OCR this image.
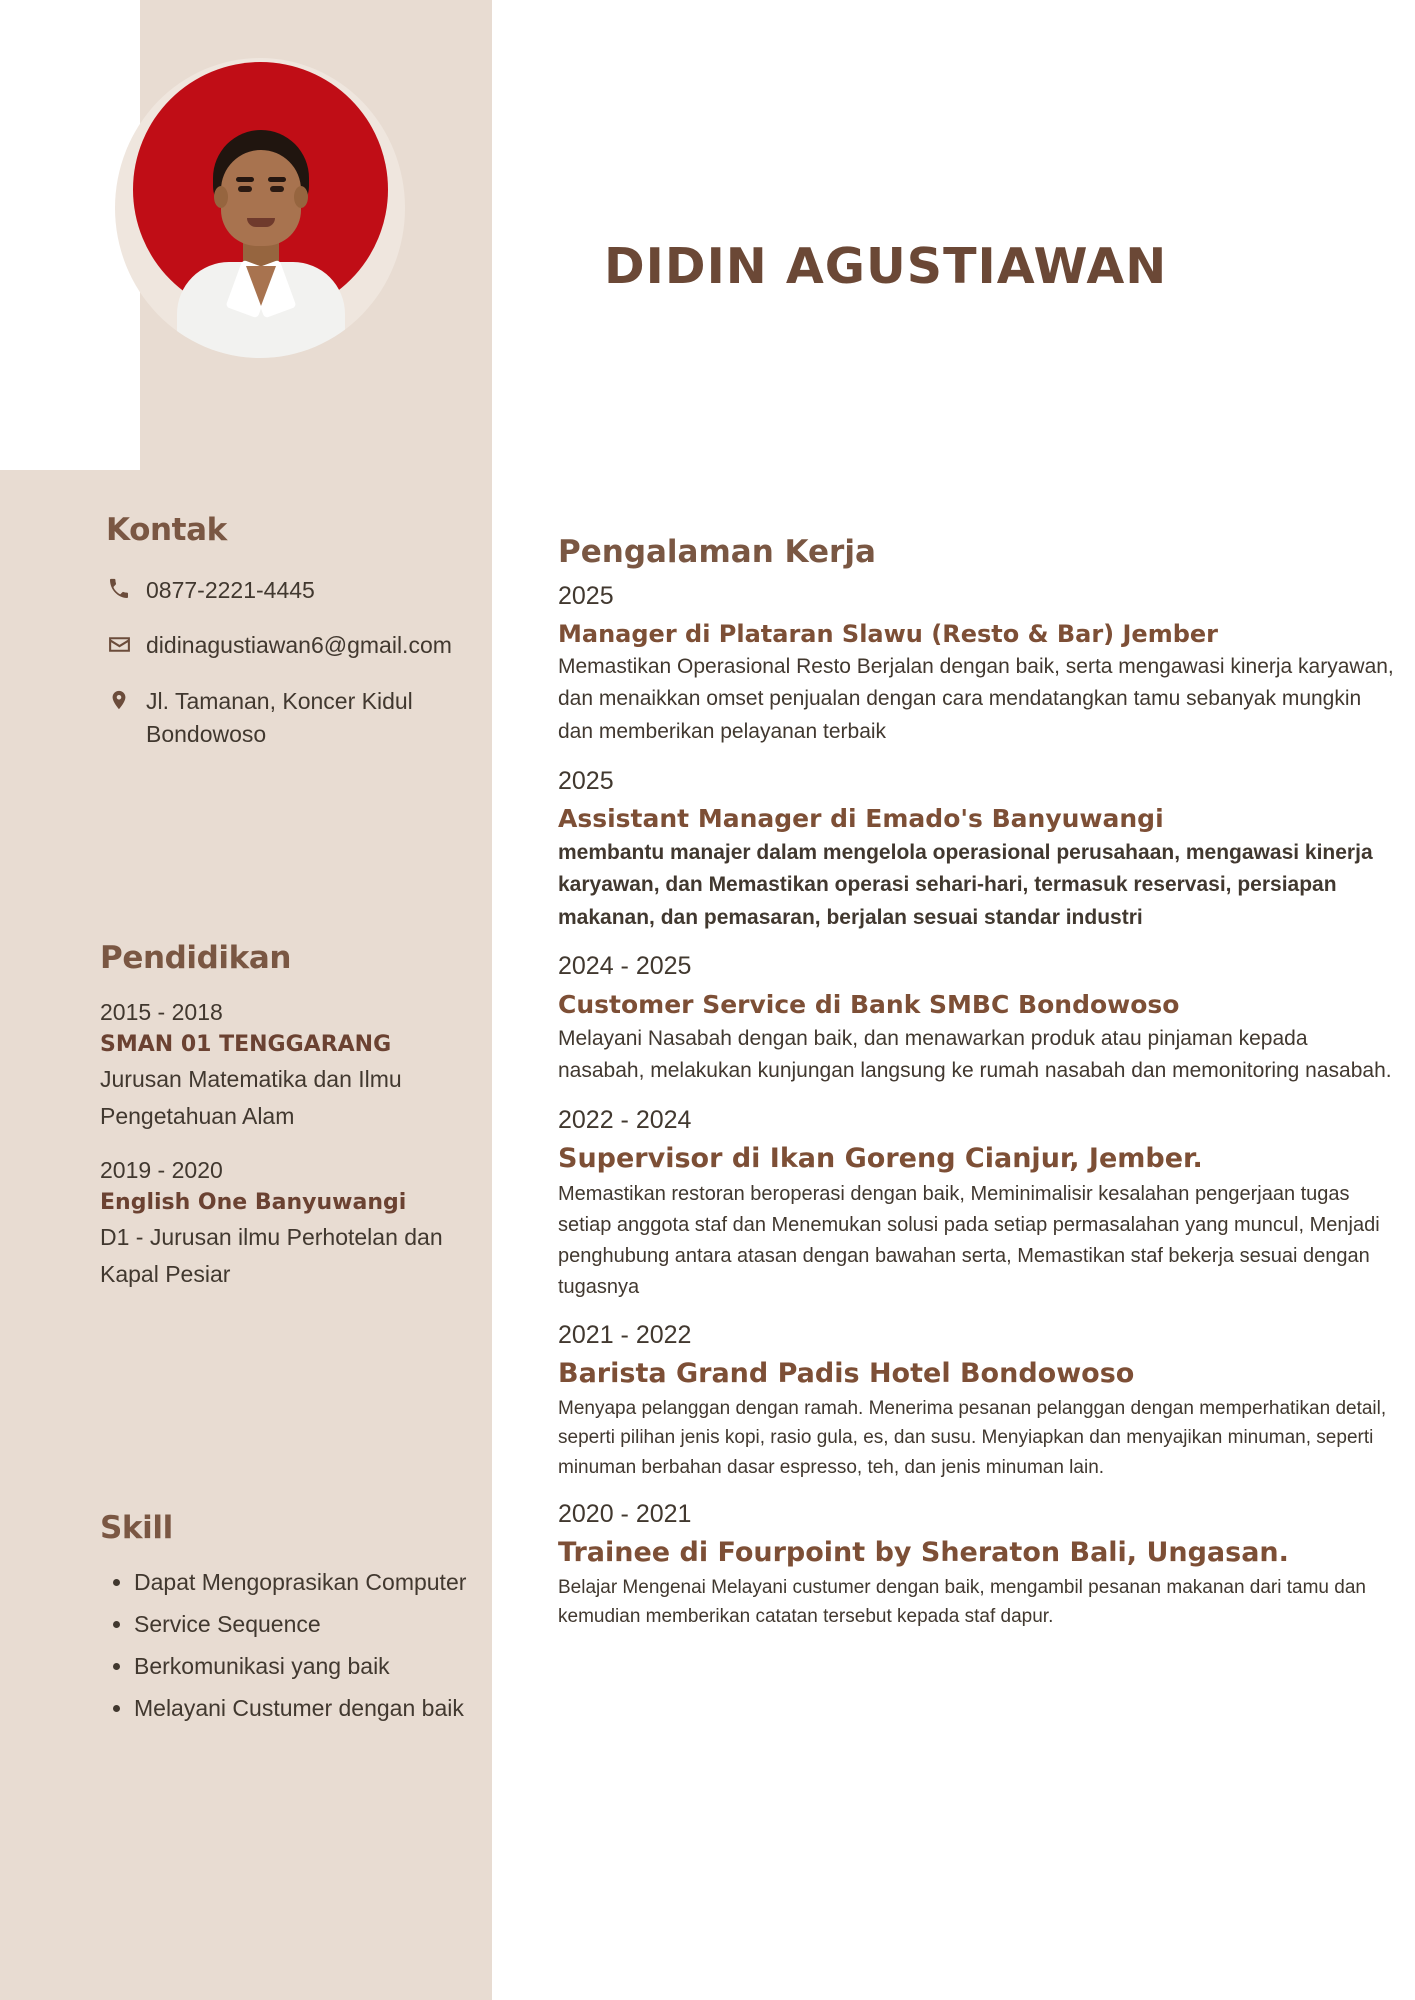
Kontak
0877-2221-4445
didinagustiawan6@gmail.com
Jl. Tamanan, Koncer Kidul Bondowoso
Pendidikan
2015 - 2018
SMAN 01 TENGGARANG
Jurusan Matematika dan Ilmu Pengetahuan Alam
2019 - 2020
English One Banyuwangi
D1 - Jurusan ilmu Perhotelan dan Kapal Pesiar
Skill
• Dapat Mengoprasikan Computer
• Service Sequence
• Berkomunikasi yang baik
• Melayani Custumer dengan baik
DIDIN AGUSTIAWAN
Pengalaman Kerja
2025
Manager di Plataran Slawu (Resto & Bar) Jember
Memastikan Operasional Resto Berjalan dengan baik, serta mengawasi kinerja karyawan, dan menaikkan omset penjualan dengan cara mendatangkan tamu sebanyak mungkin dan memberikan pelayanan terbaik
2025
Assistant Manager di Emado's Banyuwangi
membantu manajer dalam mengelola operasional perusahaan, mengawasi kinerja karyawan, dan Memastikan operasi sehari-hari, termasuk reservasi, persiapan makanan, dan pemasaran, berjalan sesuai standar industri
2024 - 2025
Customer Service di Bank SMBC Bondowoso
Melayani Nasabah dengan baik, dan menawarkan produk atau pinjaman kepada nasabah, melakukan kunjungan langsung ke rumah nasabah dan memonitoring nasabah.
2022 - 2024
Supervisor di Ikan Goreng Cianjur, Jember.
Memastikan restoran beroperasi dengan baik, Meminimalisir kesalahan pengerjaan tugas setiap anggota staf dan Menemukan solusi pada setiap permasalahan yang muncul, Menjadi penghubung antara atasan dengan bawahan serta, Memastikan staf bekerja sesuai dengan tugasnya
2021 - 2022
Barista Grand Padis Hotel Bondowoso
Menyapa pelanggan dengan ramah. Menerima pesanan pelanggan dengan memperhatikan detail, seperti pilihan jenis kopi, rasio gula, es, dan susu. Menyiapkan dan menyajikan minuman, seperti minuman berbahan dasar espresso, teh, dan jenis minuman lain.
2020 - 2021
Trainee di Fourpoint by Sheraton Bali, Ungasan.
Belajar Mengenai Melayani custumer dengan baik, mengambil pesanan makanan dari tamu dan kemudian memberikan catatan tersebut kepada staf dapur.
